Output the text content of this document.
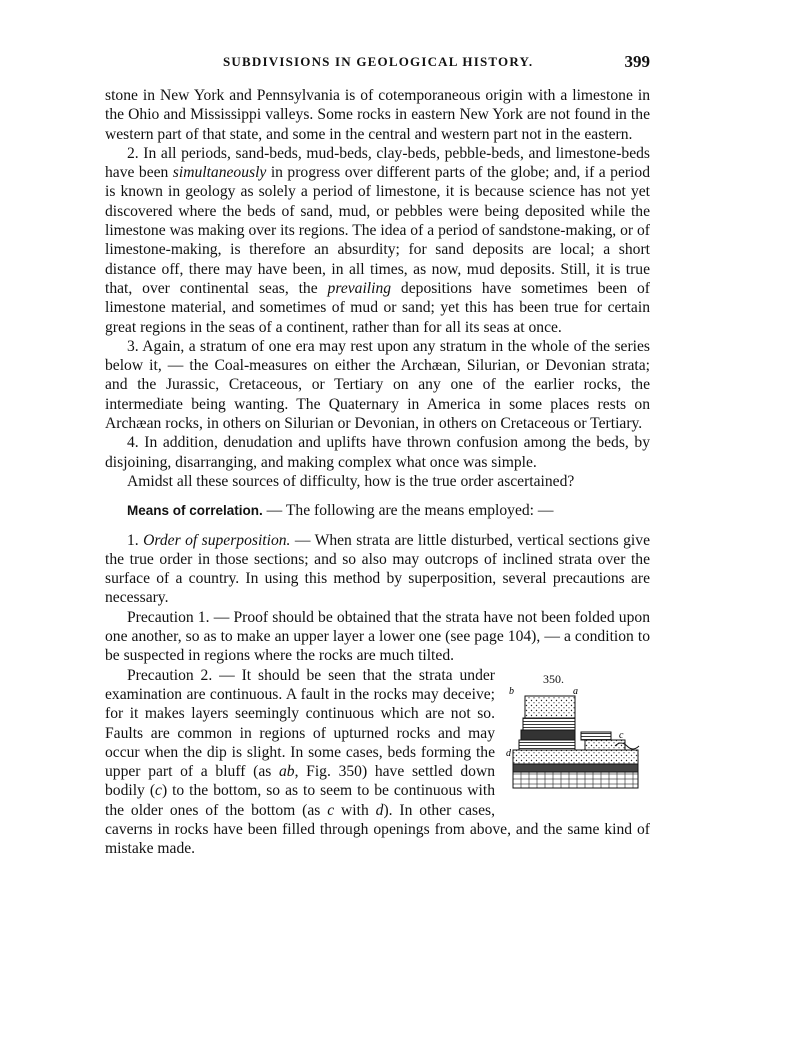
SUBDIVISIONS IN GEOLOGICAL HISTORY.	399

stone in New York and Pennsylvania is of cotemporaneous origin with a limestone in the Ohio and Mississippi valleys. Some rocks in eastern New York are not found in the western part of that state, and some in the central and western part not in the eastern.

2. In all periods, sand-beds, mud-beds, clay-beds, pebble-beds, and limestone-beds have been simultaneously in progress over different parts of the globe; and, if a period is known in geology as solely a period of limestone, it is because science has not yet discovered where the beds of sand, mud, or pebbles were being deposited while the limestone was making over its regions. The idea of a period of sandstone-making, or of limestone-making, is therefore an absurdity; for sand deposits are local; a short distance off, there may have been, in all times, as now, mud deposits. Still, it is true that, over continental seas, the prevailing depositions have sometimes been of limestone material, and sometimes of mud or sand; yet this has been true for certain great regions in the seas of a continent, rather than for all its seas at once.

3. Again, a stratum of one era may rest upon any stratum in the whole of the series below it, — the Coal-measures on either the Archæan, Silurian, or Devonian strata; and the Jurassic, Cretaceous, or Tertiary on any one of the earlier rocks, the intermediate being wanting. The Quaternary in America in some places rests on Archæan rocks, in others on Silurian or Devonian, in others on Cretaceous or Tertiary.

4. In addition, denudation and uplifts have thrown confusion among the beds, by disjoining, disarranging, and making complex what once was simple.

Amidst all these sources of difficulty, how is the true order ascertained?

Means of correlation. — The following are the means employed: —

1. Order of superposition. — When strata are little disturbed, vertical sections give the true order in those sections; and so also may outcrops of inclined strata over the surface of a country. In using this method by superposition, several precautions are necessary.

Precaution 1. — Proof should be obtained that the strata have not been folded upon one another, so as to make an upper layer a lower one (see page 104), — a condition to be suspected in regions where the rocks are much tilted.

350.
b	a
c
d

Precaution 2. — It should be seen that the strata under examination are continuous. A fault in the rocks may deceive; for it makes layers seemingly continuous which are not so. Faults are common in regions of upturned rocks and may occur when the dip is slight. In some cases, beds forming the upper part of a bluff (as ab, Fig. 350) have settled down bodily (c) to the bottom, so as to seem to be continuous with the older ones of the bottom (as c with d). In other cases, caverns in rocks have been filled through openings from above, and the same kind of mistake made.
